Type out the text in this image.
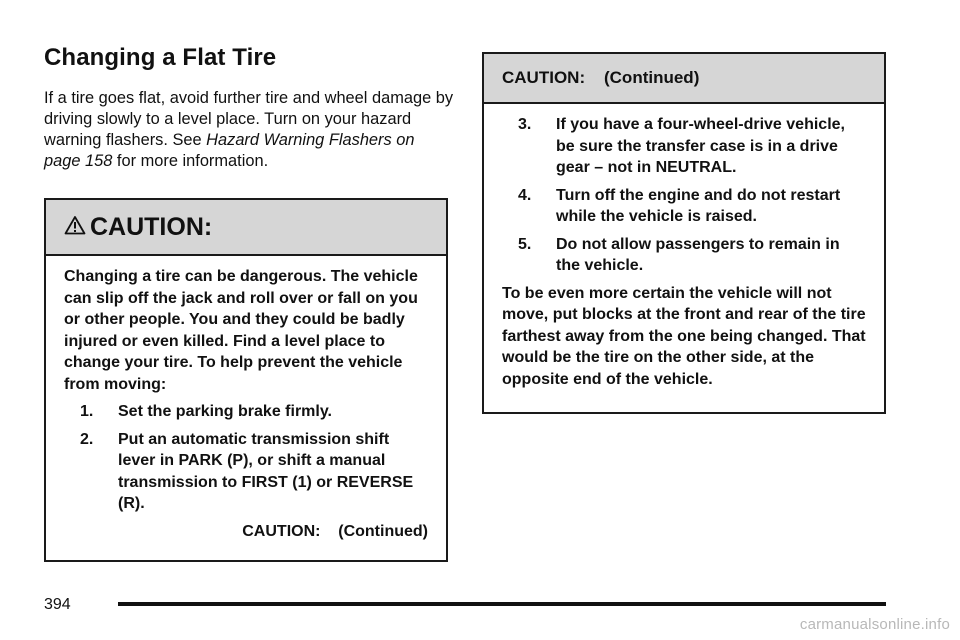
Changing a Flat Tire

If a tire goes flat, avoid further tire and wheel damage by driving slowly to a level place. Turn on your hazard warning flashers. See Hazard Warning Flashers on page 158 for more information.

CAUTION:

Changing a tire can be dangerous. The vehicle can slip off the jack and roll over or fall on you or other people. You and they could be badly injured or even killed. Find a level place to change your tire. To help prevent the vehicle from moving:

1. Set the parking brake firmly.
2. Put an automatic transmission shift lever in PARK (P), or shift a manual transmission to FIRST (1) or REVERSE (R).
CAUTION:    (Continued)
CAUTION:    (Continued)
3. If you have a four-wheel-drive vehicle, be sure the transfer case is in a drive gear – not in NEUTRAL.
4. Turn off the engine and do not restart while the vehicle is raised.
5. Do not allow passengers to remain in the vehicle.

To be even more certain the vehicle will not move, put blocks at the front and rear of the tire farthest away from the one being changed. That would be the tire on the other side, at the opposite end of the vehicle.

394
carmanualsonline.info
